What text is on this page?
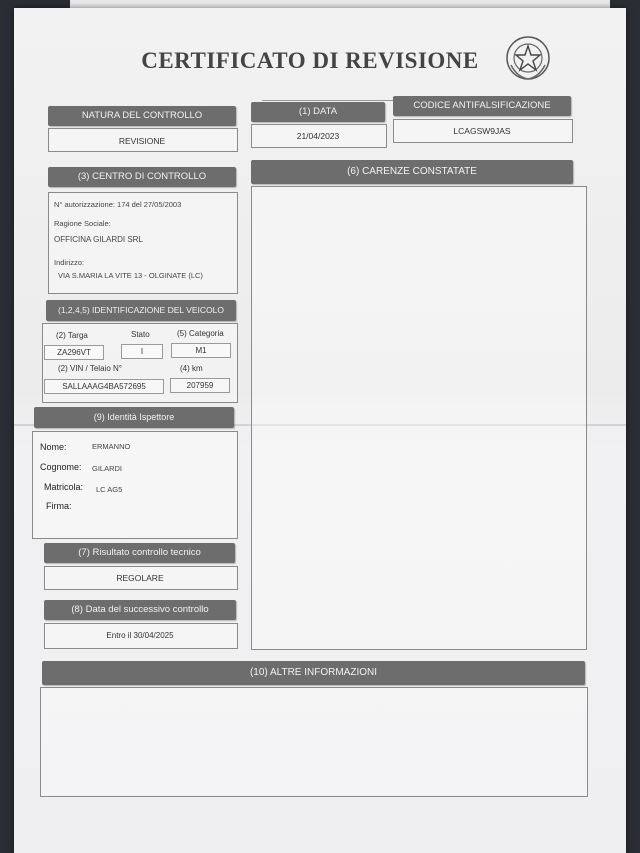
CERTIFICATO DI REVISIONE
NATURA DEL CONTROLLO
REVISIONE
(1) DATA
21/04/2023
CODICE ANTIFALSIFICAZIONE
LCAGSW9JAS
(3) CENTRO DI CONTROLLO
N° autorizzazione: 174 del 27/05/2003
Ragione Sociale:
OFFICINA GILARDI SRL
Indirizzo:
VIA S.MARIA LA VITE 13 - OLGINATE (LC)
(6) CARENZE CONSTATATE
(1,2,4,5) IDENTIFICAZIONE DEL VEICOLO
(2) Targa	Stato	(5) Categoria
ZA296VT	I	M1
(2) VIN / Telaio N°	(4) km
SALLAAAG4BA572695	207959
(9) Identità Ispettore
Nome:	ERMANNO
Cognome: GILARDI
Matricola: LC AG5
Firma:
(7) Risultato controllo tecnico
REGOLARE
(8) Data del successivo controllo
Entro il 30/04/2025
(10) ALTRE INFORMAZIONI
